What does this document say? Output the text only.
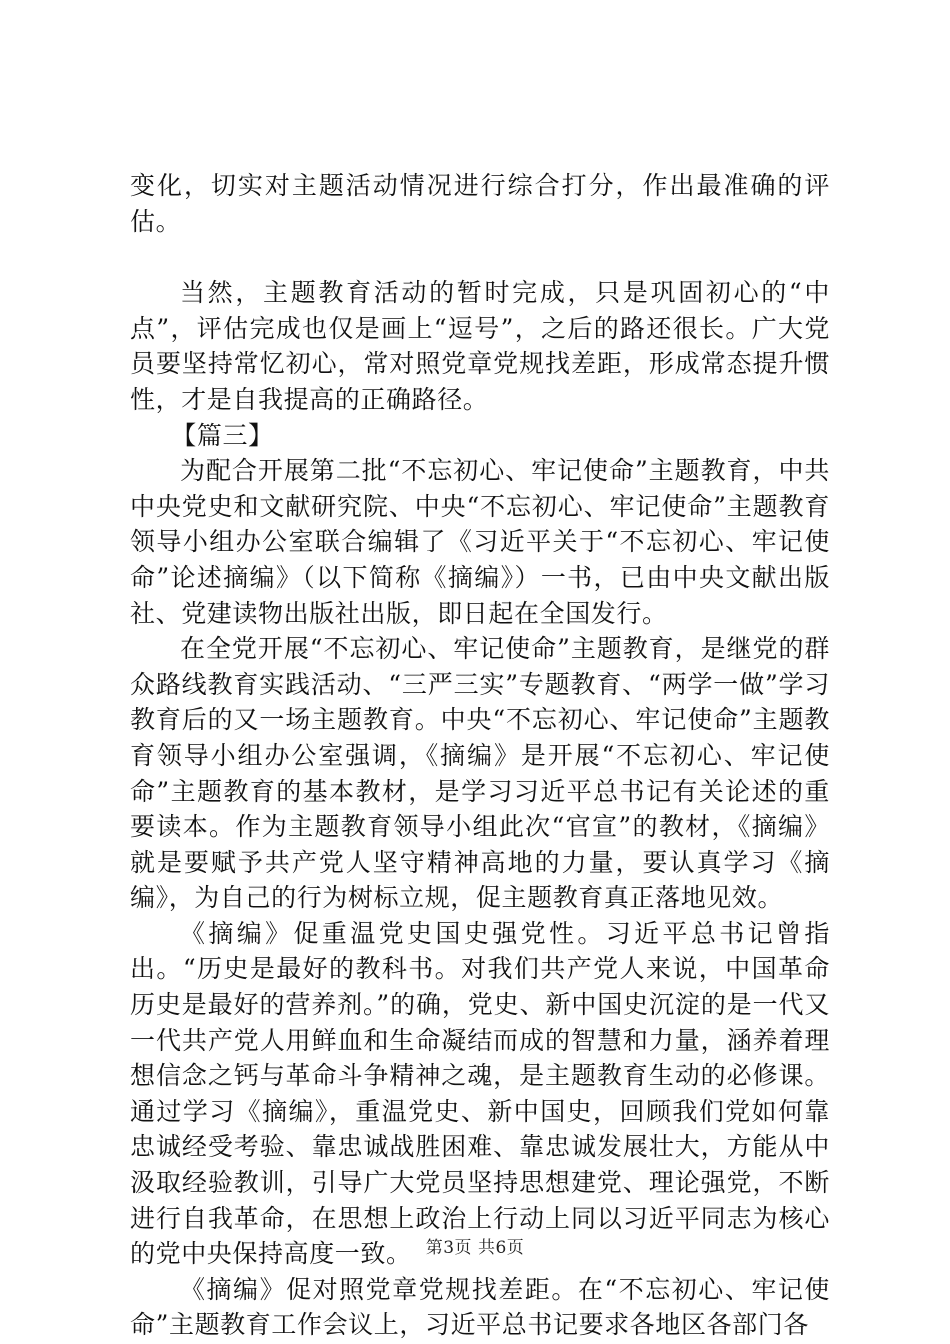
变化，切实对主题活动情况进行综合打分，作出最准确的评估。

当然，主题教育活动的暂时完成，只是巩固初心的“中点”，评估完成也仅是画上“逗号”，之后的路还很长。广大党员要坚持常忆初心，常对照党章党规找差距，形成常态提升惯性，才是自我提高的正确路径。

【篇三】

为配合开展第二批“不忘初心、牢记使命”主题教育，中共中央党史和文献研究院、中央“不忘初心、牢记使命”主题教育领导小组办公室联合编辑了《习近平关于“不忘初心、牢记使命”论述摘编》（以下简称《摘编》）一书，已由中央文献出版社、党建读物出版社出版，即日起在全国发行。

在全党开展“不忘初心、牢记使命”主题教育，是继党的群众路线教育实践活动、“三严三实”专题教育、“两学一做”学习教育后的又一场主题教育。中央“不忘初心、牢记使命”主题教育领导小组办公室强调，《摘编》是开展“不忘初心、牢记使命”主题教育的基本教材，是学习习近平总书记有关论述的重要读本。作为主题教育领导小组此次“官宣”的教材，《摘编》就是要赋予共产党人坚守精神高地的力量，要认真学习《摘编》，为自己的行为树标立规，促主题教育真正落地见效。

《摘编》促重温党史国史强党性。习近平总书记曾指出。“历史是最好的教科书。对我们共产党人来说，中国革命历史是最好的营养剂。”的确，党史、新中国史沉淀的是一代又一代共产党人用鲜血和生命凝结而成的智慧和力量，涵养着理想信念之钙与革命斗争精神之魂，是主题教育生动的必修课。通过学习《摘编》，重温党史、新中国史，回顾我们党如何靠忠诚经受考验、靠忠诚战胜困难、靠忠诚发展壮大，方能从中汲取经验教训，引导广大党员坚持思想建党、理论强党，不断进行自我革命，在思想上政治上行动上同以习近平同志为核心的党中央保持高度一致。

《摘编》促对照党章党规找差距。在“不忘初心、牢记使命”主题教育工作会议上，习近平总书记要求各地区各部门各

第3页 共6页
